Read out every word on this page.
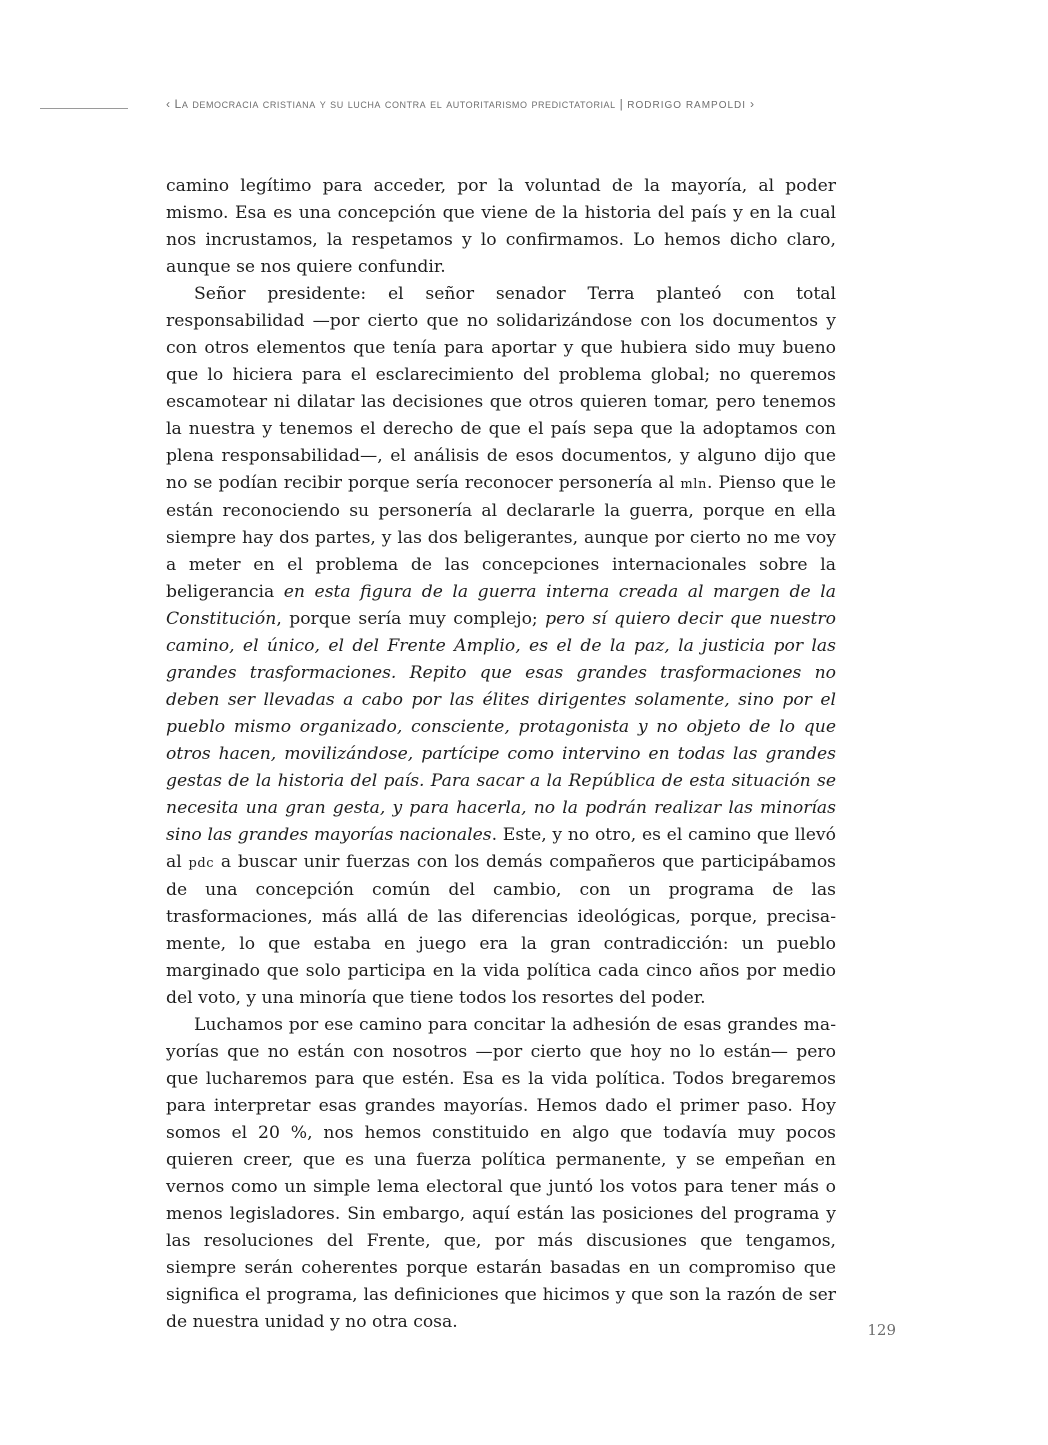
‹ La democracia cristiana y su lucha contra el autoritarismo predictatorial | RODRIGO RAMPOLDI ›

camino legítimo para acceder, por la voluntad de la mayoría, al poder mismo. Esa es una concepción que viene de la historia del país y en la cual nos incrustamos, la respetamos y lo confirmamos. Lo hemos dicho claro, aunque se nos quiere confundir.

Señor presidente: el señor senador Terra planteó con total responsabilidad —por cierto que no solidarizándose con los documentos y con otros elementos que tenía para aportar y que hubiera sido muy bueno que lo hiciera para el esclarecimiento del problema global; no queremos escamotear ni dilatar las decisiones que otros quieren tomar, pero tenemos la nuestra y tenemos el derecho de que el país sepa que la adoptamos con plena responsabilidad—, el análisis de esos documentos, y alguno dijo que no se podían recibir porque sería reconocer personería al mln. Pienso que le están reconociendo su personería al declararle la guerra, porque en ella siempre hay dos partes, y las dos beligerantes, aunque por cierto no me voy a meter en el problema de las concepciones internacionales sobre la beligerancia en esta figura de la guerra interna creada al margen de la Constitución, porque sería muy complejo; pero sí quiero decir que nuestro camino, el único, el del Frente Amplio, es el de la paz, la justicia por las grandes trasformaciones. Repito que esas grandes trasformaciones no deben ser llevadas a cabo por las élites dirigentes solamente, sino por el pueblo mismo organizado, consciente, protagonista y no objeto de lo que otros hacen, movilizándose, partícipe como intervino en todas las grandes gestas de la historia del país. Para sacar a la República de esta situación se necesita una gran gesta, y para hacerla, no la podrán realizar las minorías sino las grandes mayorías nacionales. Este, y no otro, es el camino que llevó al pdc a buscar unir fuerzas con los demás compañeros que participábamos de una concepción común del cambio, con un programa de las trasformaciones, más allá de las diferencias ideológicas, porque, precisamente, lo que estaba en juego era la gran contradicción: un pueblo marginado que solo participa en la vida política cada cinco años por medio del voto, y una minoría que tiene todos los resortes del poder.

Luchamos por ese camino para concitar la adhesión de esas grandes mayorías que no están con nosotros —por cierto que hoy no lo están— pero que lucharemos para que estén. Esa es la vida política. Todos bregaremos para interpretar esas grandes mayorías. Hemos dado el primer paso. Hoy somos el 20 %, nos hemos constituido en algo que todavía muy pocos quieren creer, que es una fuerza política permanente, y se empeñan en vernos como un simple lema electoral que juntó los votos para tener más o menos legisladores. Sin embargo, aquí están las posiciones del programa y las resoluciones del Frente, que, por más discusiones que tengamos, siempre serán coherentes porque estarán basadas en un compromiso que significa el programa, las definiciones que hicimos y que son la razón de ser de nuestra unidad y no otra cosa.	129
